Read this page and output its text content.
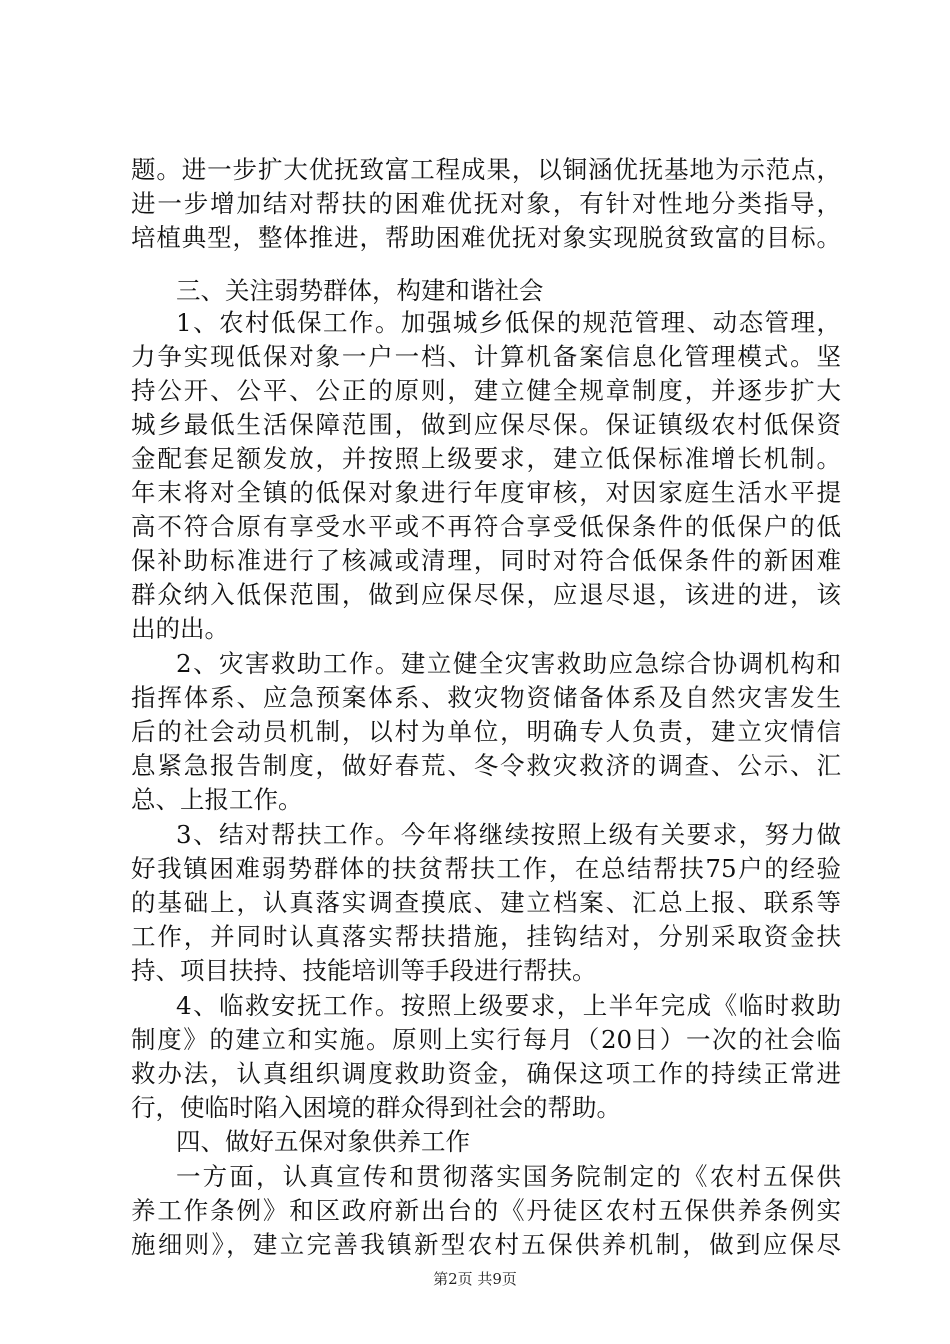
题。进一步扩大优抚致富工程成果，以铜涵优抚基地为示范点，
进一步增加结对帮扶的困难优抚对象，有针对性地分类指导，
培植典型，整体推进，帮助困难优抚对象实现脱贫致富的目标。
三、关注弱势群体，构建和谐社会
1、农村低保工作。加强城乡低保的规范管理、动态管理，
力争实现低保对象一户一档、计算机备案信息化管理模式。坚
持公开、公平、公正的原则，建立健全规章制度，并逐步扩大
城乡最低生活保障范围，做到应保尽保。保证镇级农村低保资
金配套足额发放，并按照上级要求，建立低保标准增长机制。
年末将对全镇的低保对象进行年度审核，对因家庭生活水平提
高不符合原有享受水平或不再符合享受低保条件的低保户的低
保补助标准进行了核减或清理，同时对符合低保条件的新困难
群众纳入低保范围，做到应保尽保，应退尽退，该进的进，该
出的出。
2、灾害救助工作。建立健全灾害救助应急综合协调机构和
指挥体系、应急预案体系、救灾物资储备体系及自然灾害发生
后的社会动员机制，以村为单位，明确专人负责，建立灾情信
息紧急报告制度，做好春荒、冬令救灾救济的调查、公示、汇
总、上报工作。
3、结对帮扶工作。今年将继续按照上级有关要求，努力做
好我镇困难弱势群体的扶贫帮扶工作，在总结帮扶75户的经验
的基础上，认真落实调查摸底、建立档案、汇总上报、联系等
工作，并同时认真落实帮扶措施，挂钩结对，分别采取资金扶
持、项目扶持、技能培训等手段进行帮扶。
4、临救安抚工作。按照上级要求，上半年完成《临时救助
制度》的建立和实施。原则上实行每月（20日）一次的社会临
救办法，认真组织调度救助资金，确保这项工作的持续正常进
行，使临时陷入困境的群众得到社会的帮助。
四、做好五保对象供养工作
一方面，认真宣传和贯彻落实国务院制定的《农村五保供
养工作条例》和区政府新出台的《丹徒区农村五保供养条例实
施细则》，建立完善我镇新型农村五保供养机制，做到应保尽
第2页 共9页
